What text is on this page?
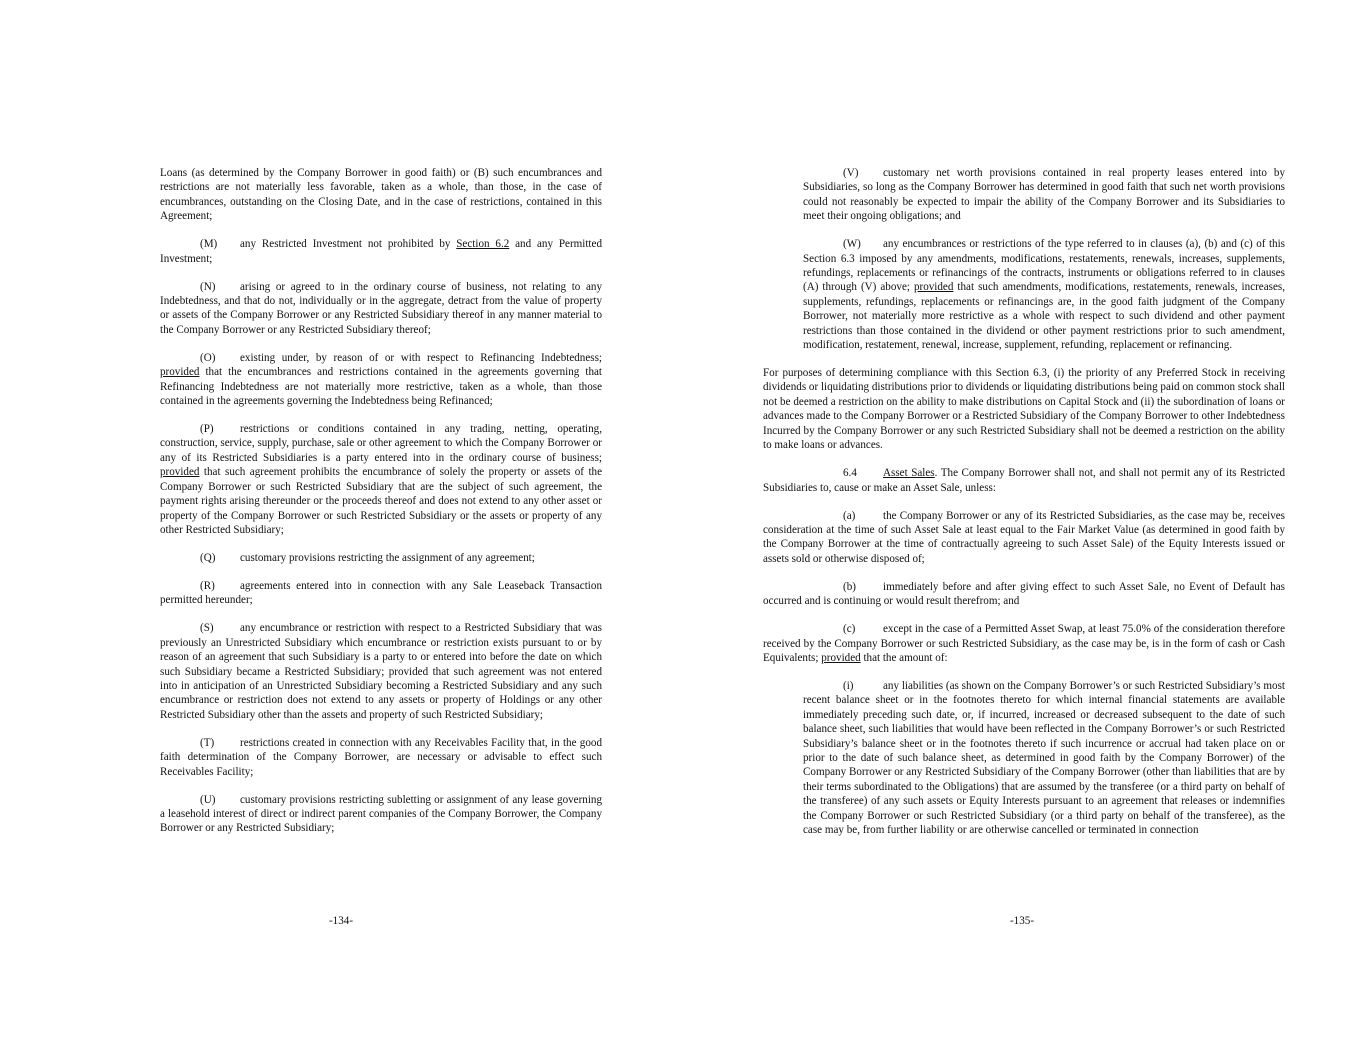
Loans (as determined by the Company Borrower in good faith) or (B) such encumbrances and restrictions are not materially less favorable, taken as a whole, than those, in the case of encumbrances, outstanding on the Closing Date, and in the case of restrictions, contained in this Agreement;

(M) any Restricted Investment not prohibited by Section 6.2 and any Permitted Investment;

(N) arising or agreed to in the ordinary course of business, not relating to any Indebtedness, and that do not, individually or in the aggregate, detract from the value of property or assets of the Company Borrower or any Restricted Subsidiary thereof in any manner material to the Company Borrower or any Restricted Subsidiary thereof;

(O) existing under, by reason of or with respect to Refinancing Indebtedness; provided that the encumbrances and restrictions contained in the agreements governing that Refinancing Indebtedness are not materially more restrictive, taken as a whole, than those contained in the agreements governing the Indebtedness being Refinanced;

(P) restrictions or conditions contained in any trading, netting, operating, construction, service, supply, purchase, sale or other agreement to which the Company Borrower or any of its Restricted Subsidiaries is a party entered into in the ordinary course of business; provided that such agreement prohibits the encumbrance of solely the property or assets of the Company Borrower or such Restricted Subsidiary that are the subject of such agreement, the payment rights arising thereunder or the proceeds thereof and does not extend to any other asset or property of the Company Borrower or such Restricted Subsidiary or the assets or property of any other Restricted Subsidiary;

(Q) customary provisions restricting the assignment of any agreement;

(R) agreements entered into in connection with any Sale Leaseback Transaction permitted hereunder;

(S) any encumbrance or restriction with respect to a Restricted Subsidiary that was previously an Unrestricted Subsidiary which encumbrance or restriction exists pursuant to or by reason of an agreement that such Subsidiary is a party to or entered into before the date on which such Subsidiary became a Restricted Subsidiary; provided that such agreement was not entered into in anticipation of an Unrestricted Subsidiary becoming a Restricted Subsidiary and any such encumbrance or restriction does not extend to any assets or property of Holdings or any other Restricted Subsidiary other than the assets and property of such Restricted Subsidiary;

(T) restrictions created in connection with any Receivables Facility that, in the good faith determination of the Company Borrower, are necessary or advisable to effect such Receivables Facility;

(U) customary provisions restricting subletting or assignment of any lease governing a leasehold interest of direct or indirect parent companies of the Company Borrower, the Company Borrower or any Restricted Subsidiary;

-134-

(V) customary net worth provisions contained in real property leases entered into by Subsidiaries, so long as the Company Borrower has determined in good faith that such net worth provisions could not reasonably be expected to impair the ability of the Company Borrower and its Subsidiaries to meet their ongoing obligations; and

(W) any encumbrances or restrictions of the type referred to in clauses (a), (b) and (c) of this Section 6.3 imposed by any amendments, modifications, restatements, renewals, increases, supplements, refundings, replacements or refinancings of the contracts, instruments or obligations referred to in clauses (A) through (V) above; provided that such amendments, modifications, restatements, renewals, increases, supplements, refundings, replacements or refinancings are, in the good faith judgment of the Company Borrower, not materially more restrictive as a whole with respect to such dividend and other payment restrictions than those contained in the dividend or other payment restrictions prior to such amendment, modification, restatement, renewal, increase, supplement, refunding, replacement or refinancing.

For purposes of determining compliance with this Section 6.3, (i) the priority of any Preferred Stock in receiving dividends or liquidating distributions prior to dividends or liquidating distributions being paid on common stock shall not be deemed a restriction on the ability to make distributions on Capital Stock and (ii) the subordination of loans or advances made to the Company Borrower or a Restricted Subsidiary of the Company Borrower to other Indebtedness Incurred by the Company Borrower or any such Restricted Subsidiary shall not be deemed a restriction on the ability to make loans or advances.

6.4 Asset Sales. The Company Borrower shall not, and shall not permit any of its Restricted Subsidiaries to, cause or make an Asset Sale, unless:

(a) the Company Borrower or any of its Restricted Subsidiaries, as the case may be, receives consideration at the time of such Asset Sale at least equal to the Fair Market Value (as determined in good faith by the Company Borrower at the time of contractually agreeing to such Asset Sale) of the Equity Interests issued or assets sold or otherwise disposed of;

(b) immediately before and after giving effect to such Asset Sale, no Event of Default has occurred and is continuing or would result therefrom; and

(c) except in the case of a Permitted Asset Swap, at least 75.0% of the consideration therefore received by the Company Borrower or such Restricted Subsidiary, as the case may be, is in the form of cash or Cash Equivalents; provided that the amount of:

(i)	any liabilities (as shown on the Company Borrower’s or such Restricted Subsidiary’s most recent balance sheet or in the footnotes thereto for which internal financial statements are available immediately preceding such date, or, if incurred, increased or decreased subsequent to the date of such balance sheet, such liabilities that would have been reflected in the Company Borrower’s or such Restricted Subsidiary’s balance sheet or in the footnotes thereto if such incurrence or accrual had taken place on or prior to the date of such balance sheet, as determined in good faith by the Company Borrower) of the Company Borrower or any Restricted Subsidiary of the Company Borrower (other than liabilities that are by their terms subordinated to the Obligations) that are assumed by the transferee (or a third party on behalf of the transferee) of any such assets or Equity Interests pursuant to an agreement that releases or indemnifies the Company Borrower or such Restricted Subsidiary (or a third party on behalf of the transferee), as the case may be, from further liability or are otherwise cancelled or terminated in connection

-135-
